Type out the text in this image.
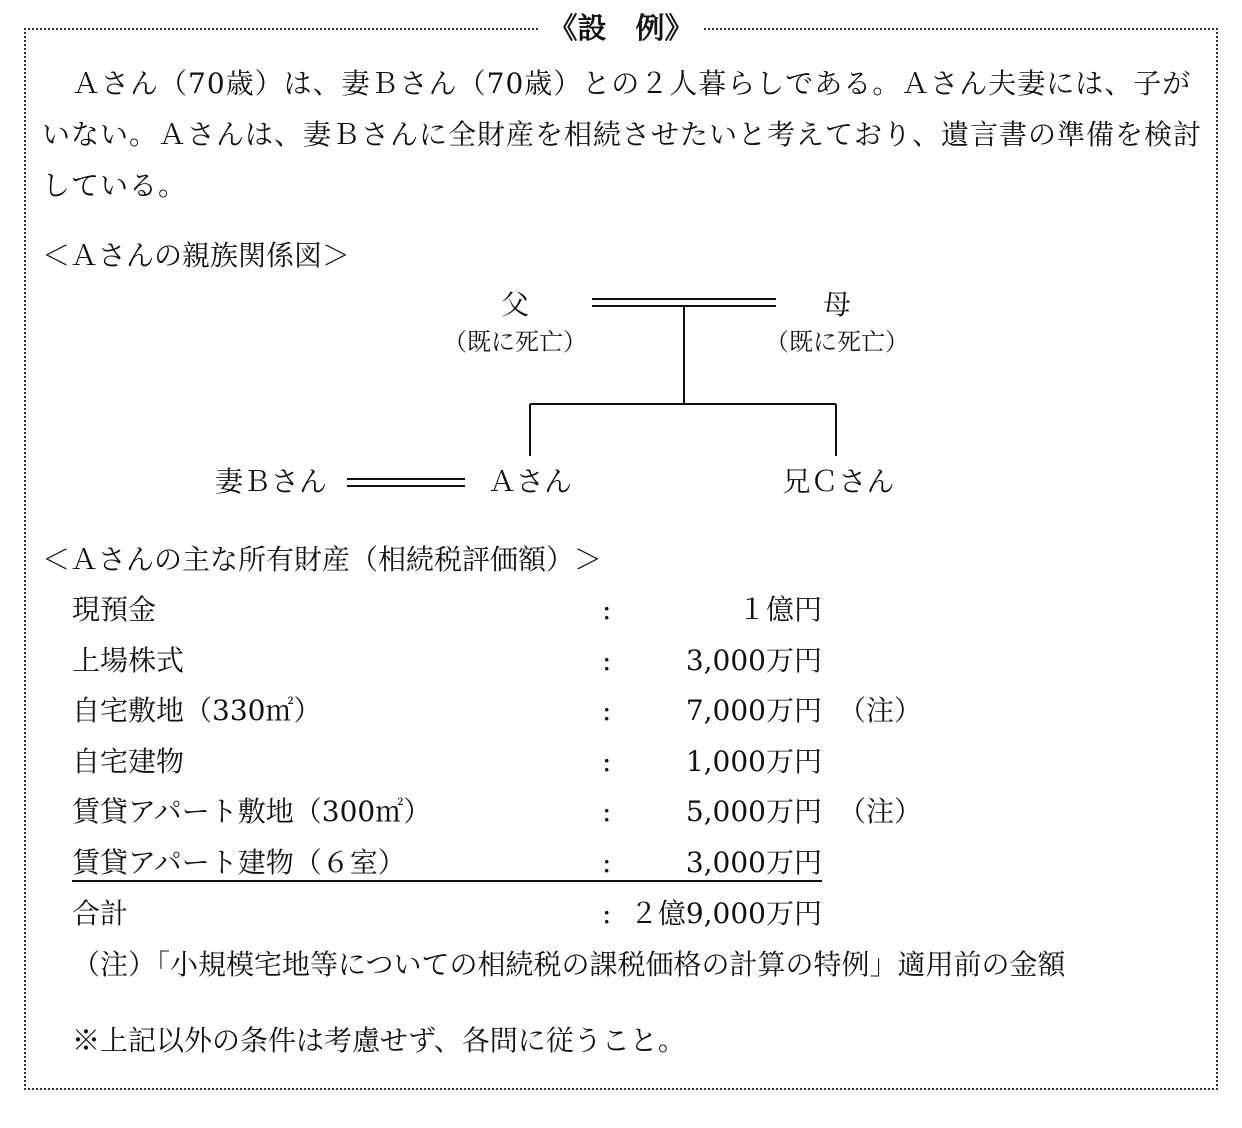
《設　例》

Ａさん（70歳）は、妻Ｂさん（70歳）との２人暮らしである。Ａさん夫妻には、子がいない。Ａさんは、妻Ｂさんに全財産を相続させたいと考えており、遺言書の準備を検討している。

＜Ａさんの親族関係図＞
父
（既に死亡）
母
（既に死亡）
妻Ｂさん	Ａさん	兄Ｃさん
＜Ａさんの主な所有財産（相続税評価額）＞
現預金	:	１億円
上場株式	:	3,000万円
自宅敷地（330㎡）	:	7,000万円 （注）
自宅建物	:	1,000万円
賃貸アパート敷地（300㎡）	:	5,000万円 （注）
賃貸アパート建物（６室）	:	3,000万円
合計	: ２億9,000万円
（注）「小規模宅地等についての相続税の課税価格の計算の特例」適用前の金額
※上記以外の条件は考慮せず、各問に従うこと。
